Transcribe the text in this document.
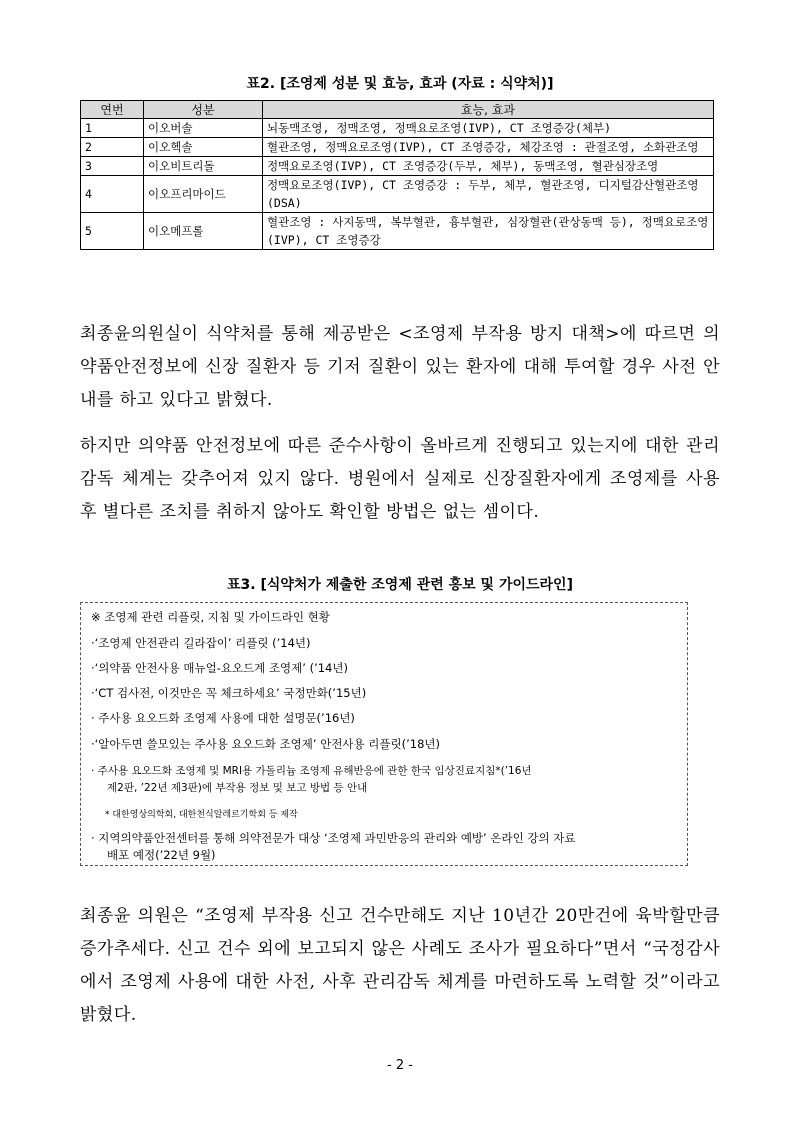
표2. [조영제 성분 및 효능, 효과 (자료 : 식약처)]
연번	성분	효능, 효과
1	이오버솔	뇌동맥조영, 정맥조영, 정맥요로조영(IVP), CT 조영증강(체부)
2	이오헥솔	혈관조영, 정맥요로조영(IVP), CT 조영증강, 체강조영 : 관절조영, 소화관조영
3	이오비트리돌	정맥요로조영(IVP), CT 조영증강(두부, 체부), 동맥조영, 혈관심장조영
4	이오프리마이드	정맥요로조영(IVP), CT 조영증강 : 두부, 체부, 혈관조영, 디지털감산혈관조영(DSA)
5	이오메프롤	혈관조영 : 사지동맥, 복부혈관, 흉부혈관, 심장혈관(관상동맥 등), 정맥요로조영(IVP), CT 조영증강
최종윤의원실이 식약처를 통해 제공받은 <조영제 부작용 방지 대책>에 따르면 의약품안전정보에 신장 질환자 등 기저 질환이 있는 환자에 대해 투여할 경우 사전 안내를 하고 있다고 밝혔다.
하지만 의약품 안전정보에 따른 준수사항이 올바르게 진행되고 있는지에 대한 관리감독 체계는 갖추어져 있지 않다. 병원에서 실제로 신장질환자에게 조영제를 사용 후 별다른 조치를 취하지 않아도 확인할 방법은 없는 셈이다.
표3. [식약처가 제출한 조영제 관련 홍보 및 가이드라인]
※ 조영제 관련 리플릿, 지침 및 가이드라인 현황
·‘조영제 안전관리 길라잡이’ 리플릿 (’14년)
·‘의약품 안전사용 매뉴얼-요오드계 조영제’ (’14년)
·‘CT 검사전, 이것만은 꼭 체크하세요’ 국정만화(’15년)
· 주사용 요오드화 조영제 사용에 대한 설명문(’16년)
·‘알아두면 쓸모있는 주사용 요오드화 조영제’ 안전사용 리플릿(’18년)
· 주사용 요오드화 조영제 및 MRI용 가돌리늄 조영제 유해반응에 관한 한국 임상진료지침*(’16년
제2판, ’22년 제3판)에 부작용 정보 및 보고 방법 등 안내
* 대한영상의학회, 대한천식알레르기학회 등 제작
· 지역의약품안전센터를 통해 의약전문가 대상 ‘조영제 과민반응의 관리와 예방’ 온라인 강의 자료
배포 예정(’22년 9월)
최종윤 의원은 “조영제 부작용 신고 건수만해도 지난 10년간 20만건에 육박할만큼 증가추세다. 신고 건수 외에 보고되지 않은 사례도 조사가 필요하다”면서 “국정감사에서 조영제 사용에 대한 사전, 사후 관리감독 체계를 마련하도록 노력할 것”이라고 밝혔다.
- 2 -
